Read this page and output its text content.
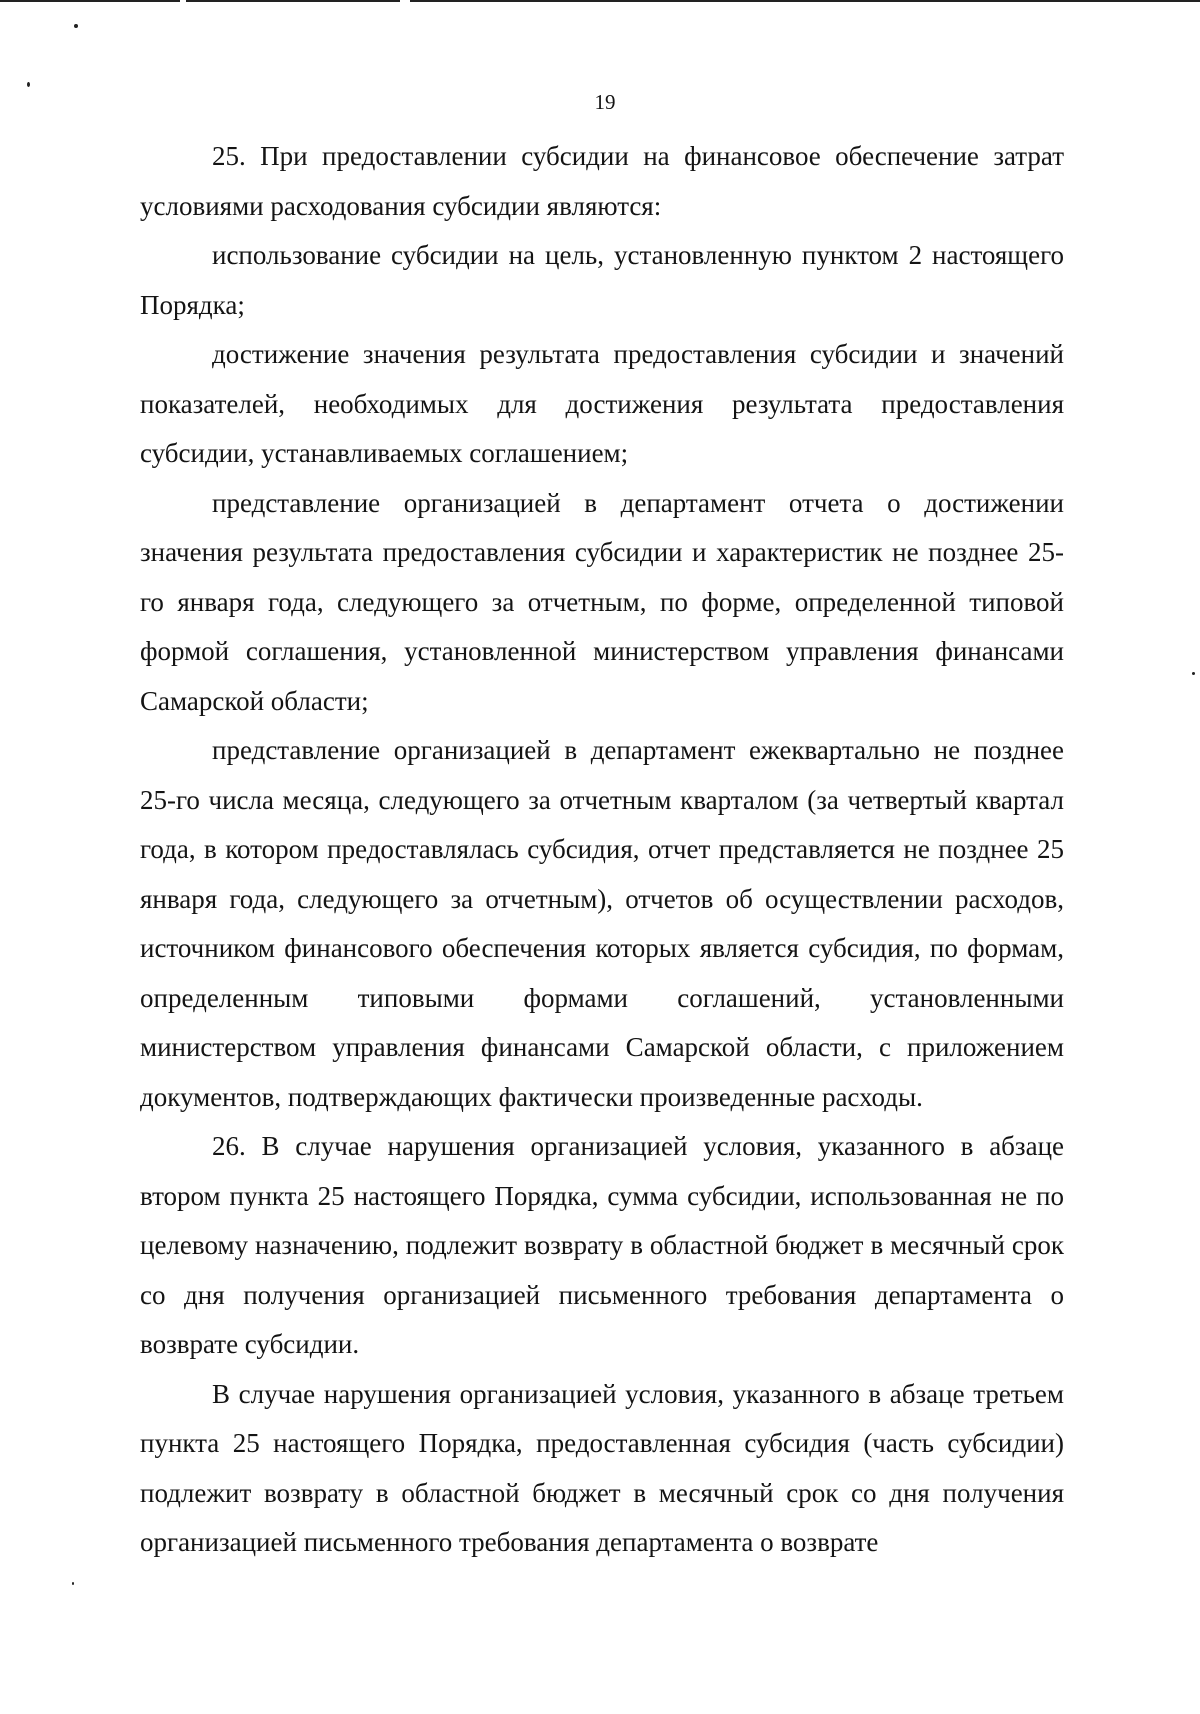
19

25. При предоставлении субсидии на финансовое обеспечение затрат условиями расходования субсидии являются:

использование субсидии на цель, установленную пунктом 2 настоящего Порядка;

достижение значения результата предоставления субсидии и значений показателей, необходимых для достижения результата предоставления субсидии, устанавливаемых соглашением;

представление организацией в департамент отчета о достижении значения результата предоставления субсидии и характеристик не позднее 25-го января года, следующего за отчетным, по форме, определенной типовой формой соглашения, установленной министерством управления финансами Самарской области;

представление организацией в департамент ежеквартально не позднее 25-го числа месяца, следующего за отчетным кварталом (за четвертый квартал года, в котором предоставлялась субсидия, отчет представляется не позднее 25 января года, следующего за отчетным), отчетов об осуществлении расходов, источником финансового обеспечения которых является субсидия, по формам, определенным типовыми формами соглашений, установленными министерством управления финансами Самарской области, с приложением документов, подтверждающих фактически произведенные расходы.

26. В случае нарушения организацией условия, указанного в абзаце втором пункта 25 настоящего Порядка, сумма субсидии, использованная не по целевому назначению, подлежит возврату в областной бюджет в месячный срок со дня получения организацией письменного требования департамента о возврате субсидии.

В случае нарушения организацией условия, указанного в абзаце третьем пункта 25 настоящего Порядка, предоставленная субсидия (часть субсидии) подлежит возврату в областной бюджет в месячный срок со дня получения организацией письменного требования департамента о возврате
